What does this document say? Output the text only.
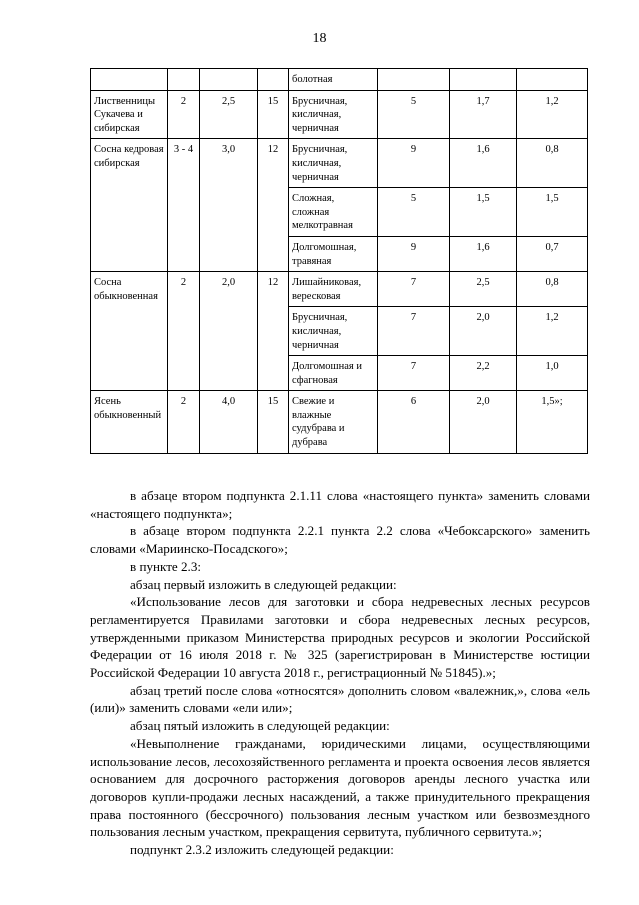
18
				болотная			
Лиственницы Сукачева и сибирская	2	2,5	15	Брусничная, кисличная, черничная	5	1,7	1,2
Сосна кедровая сибирская	3 - 4	3,0	12	Брусничная, кисличная, черничная	9	1,6	0,8
				Сложная, сложная мелкотравная	5	1,5	1,5
				Долгомошная, травяная	9	1,6	0,7
Сосна обыкновенная	2	2,0	12	Лишайниковая, вересковая	7	2,5	0,8
				Брусничная, кисличная, черничная	7	2,0	1,2
				Долгомошная и сфагновая	7	2,2	1,0
Ясень обыкновенный	2	4,0	15	Свежие и влажные судубрава и дубрава	6	2,0	1,5»;

в абзаце втором подпункта 2.1.11 слова «настоящего пункта» заменить словами «настоящего подпункта»;

в абзаце втором подпункта 2.2.1 пункта 2.2 слова «Чебоксарского» заменить словами «Мариинско-Посадского»;

в пункте 2.3:

абзац первый изложить в следующей редакции:

«Использование лесов для заготовки и сбора недревесных лесных ресурсов регламентируется Правилами заготовки и сбора недревесных лесных ресурсов, утвержденными приказом Министерства природных ресурсов и экологии Российской Федерации от 16 июля 2018 г. № 325 (зарегистрирован в Министерстве юстиции Российской Федерации 10 августа 2018 г., регистрационный № 51845).»;

абзац третий после слова «относятся» дополнить словом «валежник,», слова «ель (или)» заменить словами «ели или»;

абзац пятый изложить в следующей редакции:

«Невыполнение гражданами, юридическими лицами, осуществляющими использование лесов, лесохозяйственного регламента и проекта освоения лесов является основанием для досрочного расторжения договоров аренды лесного участка или договоров купли-продажи лесных насаждений, а также принудительного прекращения права постоянного (бессрочного) пользования лесным участком или безвозмездного пользования лесным участком, прекращения сервитута, публичного сервитута.»;

подпункт 2.3.2 изложить следующей редакции:
